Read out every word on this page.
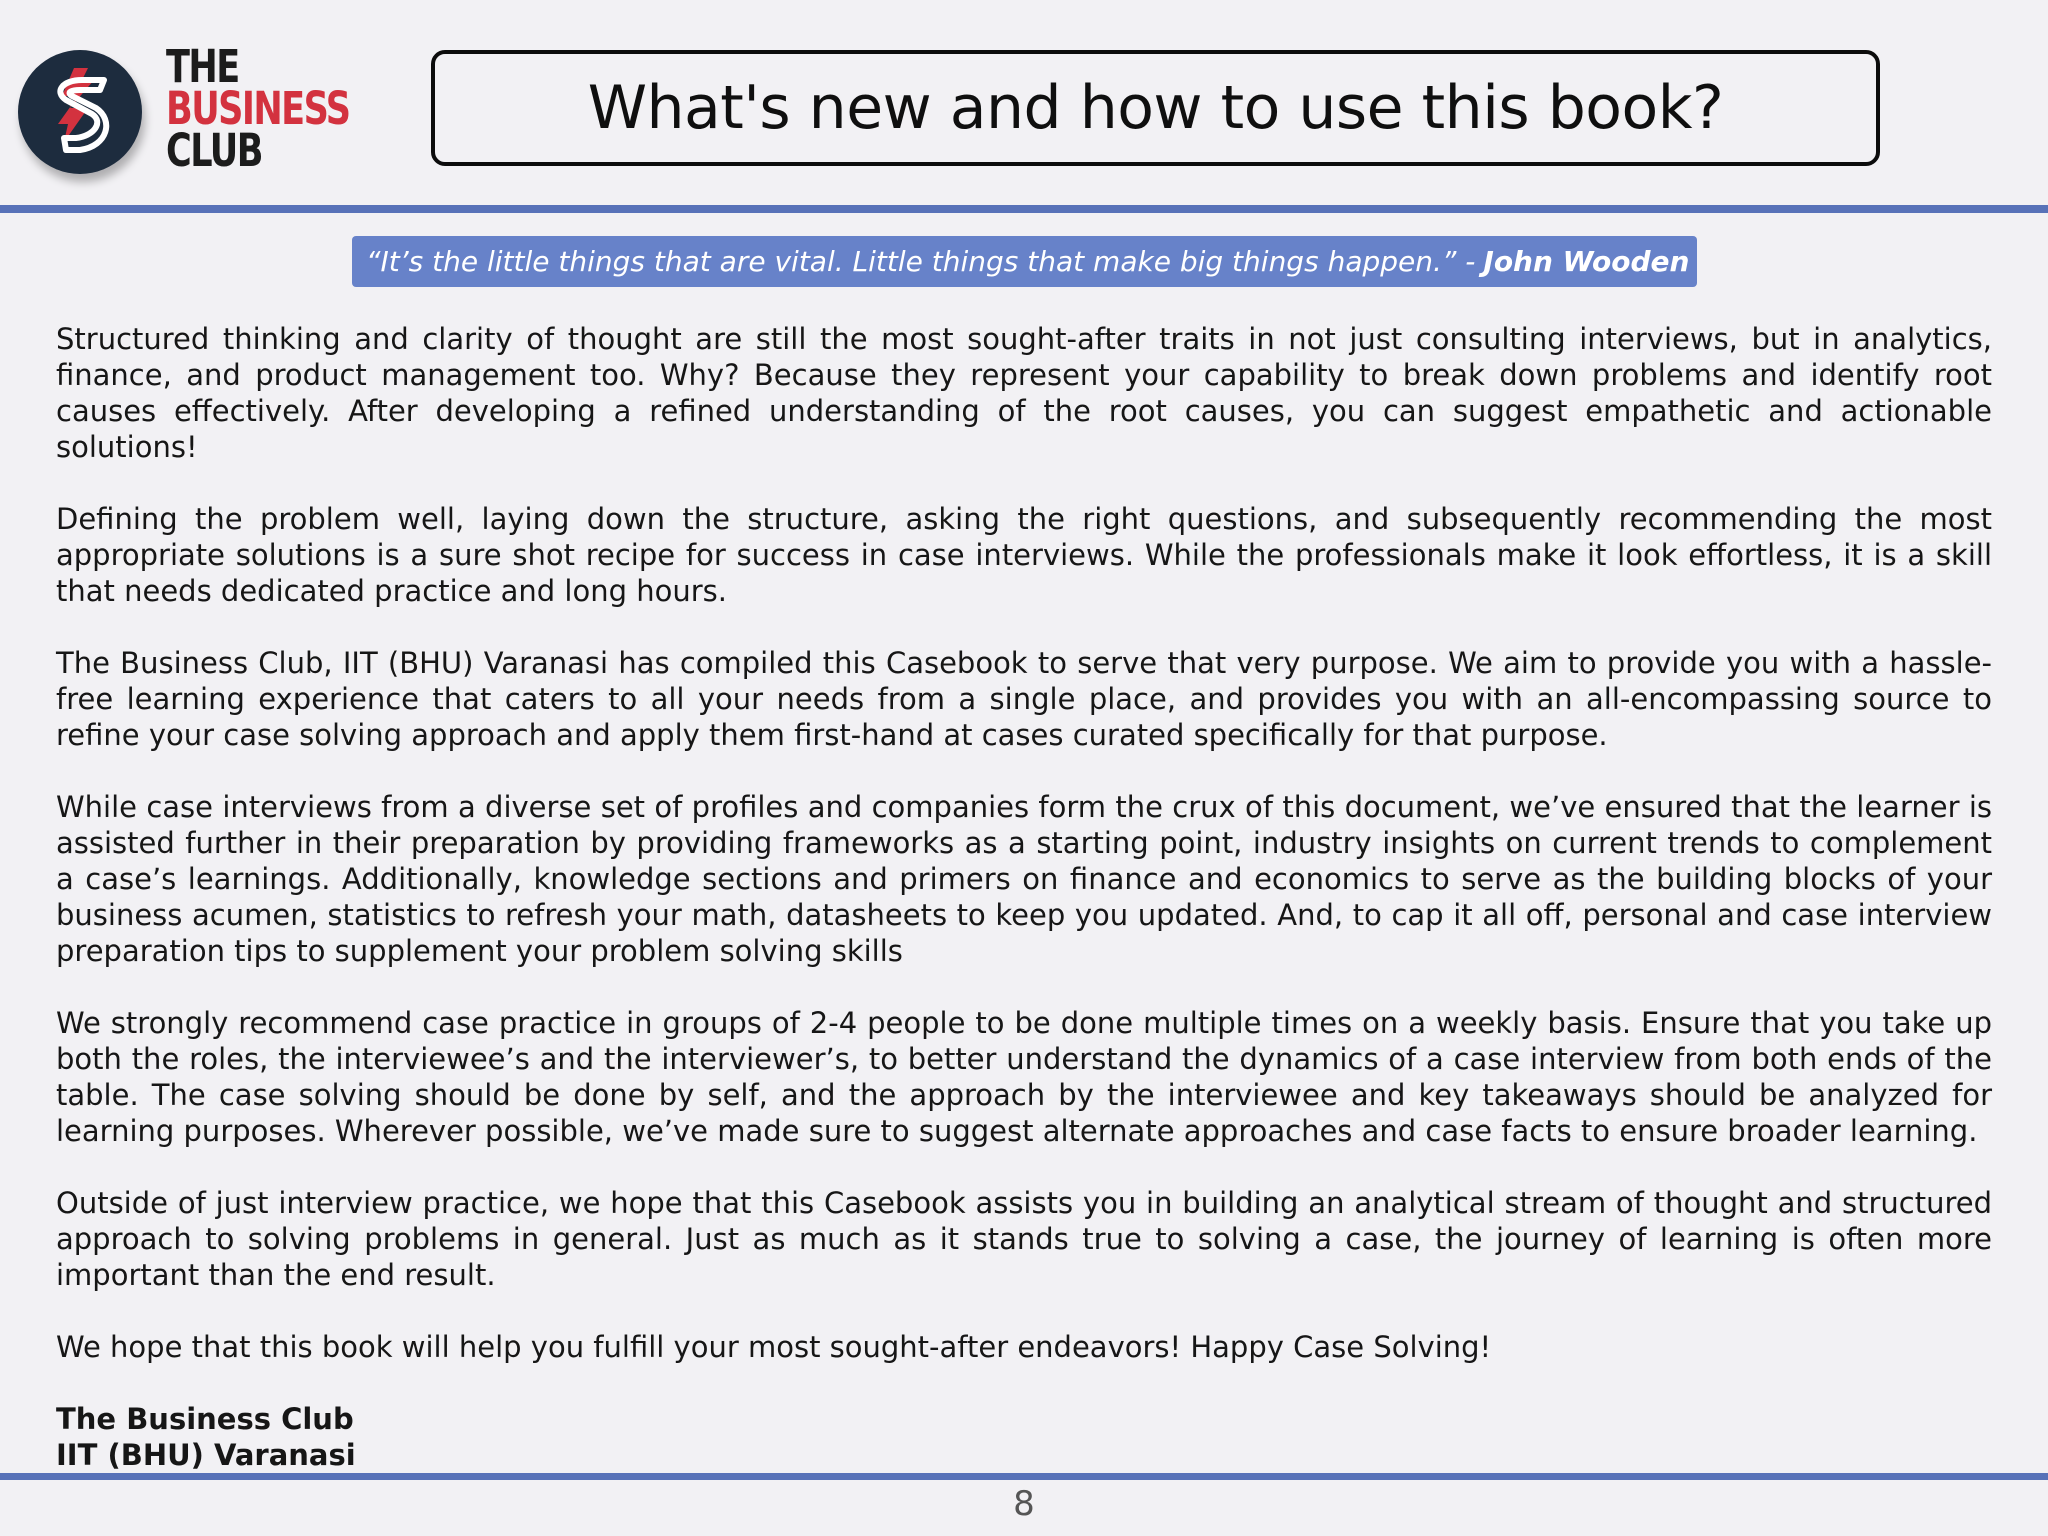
THE
BUSINESS
CLUB
What's new and how to use this book?
“It’s the little things that are vital. Little things that make big things happen.” - John Wooden

Structured thinking and clarity of thought are still the most sought-after traits in not just consulting interviews, but in analytics, finance, and product management too. Why? Because they represent your capability to break down problems and identify root causes effectively. After developing a refined understanding of the root causes, you can suggest empathetic and actionable solutions!

Defining the problem well, laying down the structure, asking the right questions, and subsequently recommending the most appropriate solutions is a sure shot recipe for success in case interviews. While the professionals make it look effortless, it is a skill that needs dedicated practice and long hours.

The Business Club, IIT (BHU) Varanasi has compiled this Casebook to serve that very purpose. We aim to provide you with a hassle-free learning experience that caters to all your needs from a single place, and provides you with an all-encompassing source to refine your case solving approach and apply them first-hand at cases curated specifically for that purpose.

While case interviews from a diverse set of profiles and companies form the crux of this document, we’ve ensured that the learner is assisted further in their preparation by providing frameworks as a starting point, industry insights on current trends to complement a case’s learnings. Additionally, knowledge sections and primers on finance and economics to serve as the building blocks of your business acumen, statistics to refresh your math, datasheets to keep you updated. And, to cap it all off, personal and case interview preparation tips to supplement your problem solving skills

We strongly recommend case practice in groups of 2-4 people to be done multiple times on a weekly basis. Ensure that you take up both the roles, the interviewee’s and the interviewer’s, to better understand the dynamics of a case interview from both ends of the table. The case solving should be done by self, and the approach by the interviewee and key takeaways should be analyzed for learning purposes. Wherever possible, we’ve made sure to suggest alternate approaches and case facts to ensure broader learning.

Outside of just interview practice, we hope that this Casebook assists you in building an analytical stream of thought and structured approach to solving problems in general. Just as much as it stands true to solving a case, the journey of learning is often more important than the end result.

We hope that this book will help you fulfill your most sought-after endeavors! Happy Case Solving!

The Business Club
IIT (BHU) Varanasi
8
